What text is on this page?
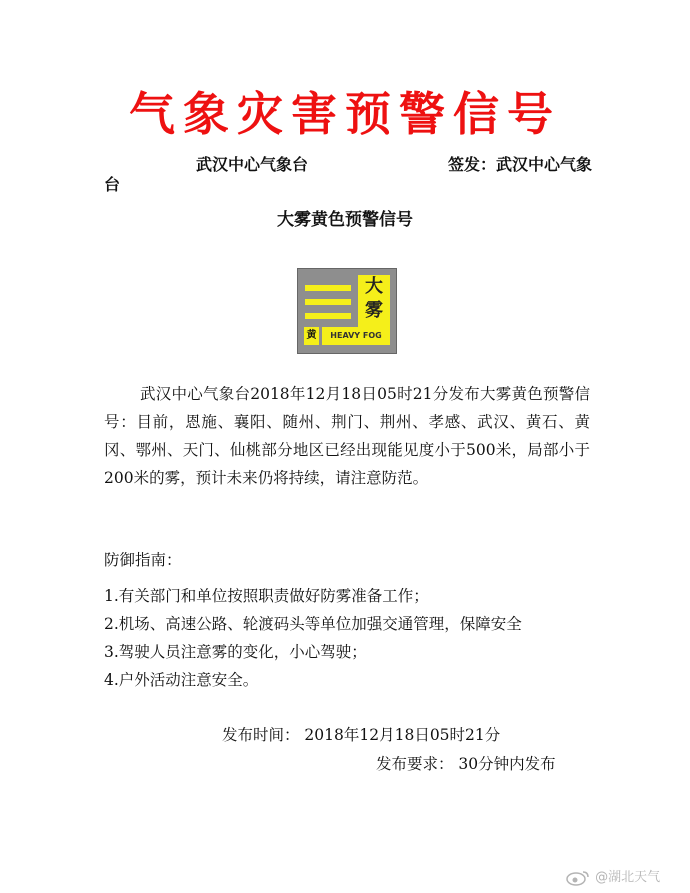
气象灾害预警信号
武汉中心气象台	签发：武汉中心气象
台
大雾黄色预警信号
大雾
黄	HEAVY FOG
武汉中心气象台2018年12月18日05时21分发布大雾黄色预警信号：目前，恩施、襄阳、随州、荆门、荆州、孝感、武汉、黄石、黄冈、鄂州、天门、仙桃部分地区已经出现能见度小于500米，局部小于200米的雾，预计未来仍将持续，请注意防范。
防御指南：
1.有关部门和单位按照职责做好防雾准备工作；
2.机场、高速公路、轮渡码头等单位加强交通管理，保障安全
3.驾驶人员注意雾的变化，小心驾驶；
4.户外活动注意安全。
发布时间： 2018年12月18日05时21分
发布要求： 30分钟内发布
@湖北天气
